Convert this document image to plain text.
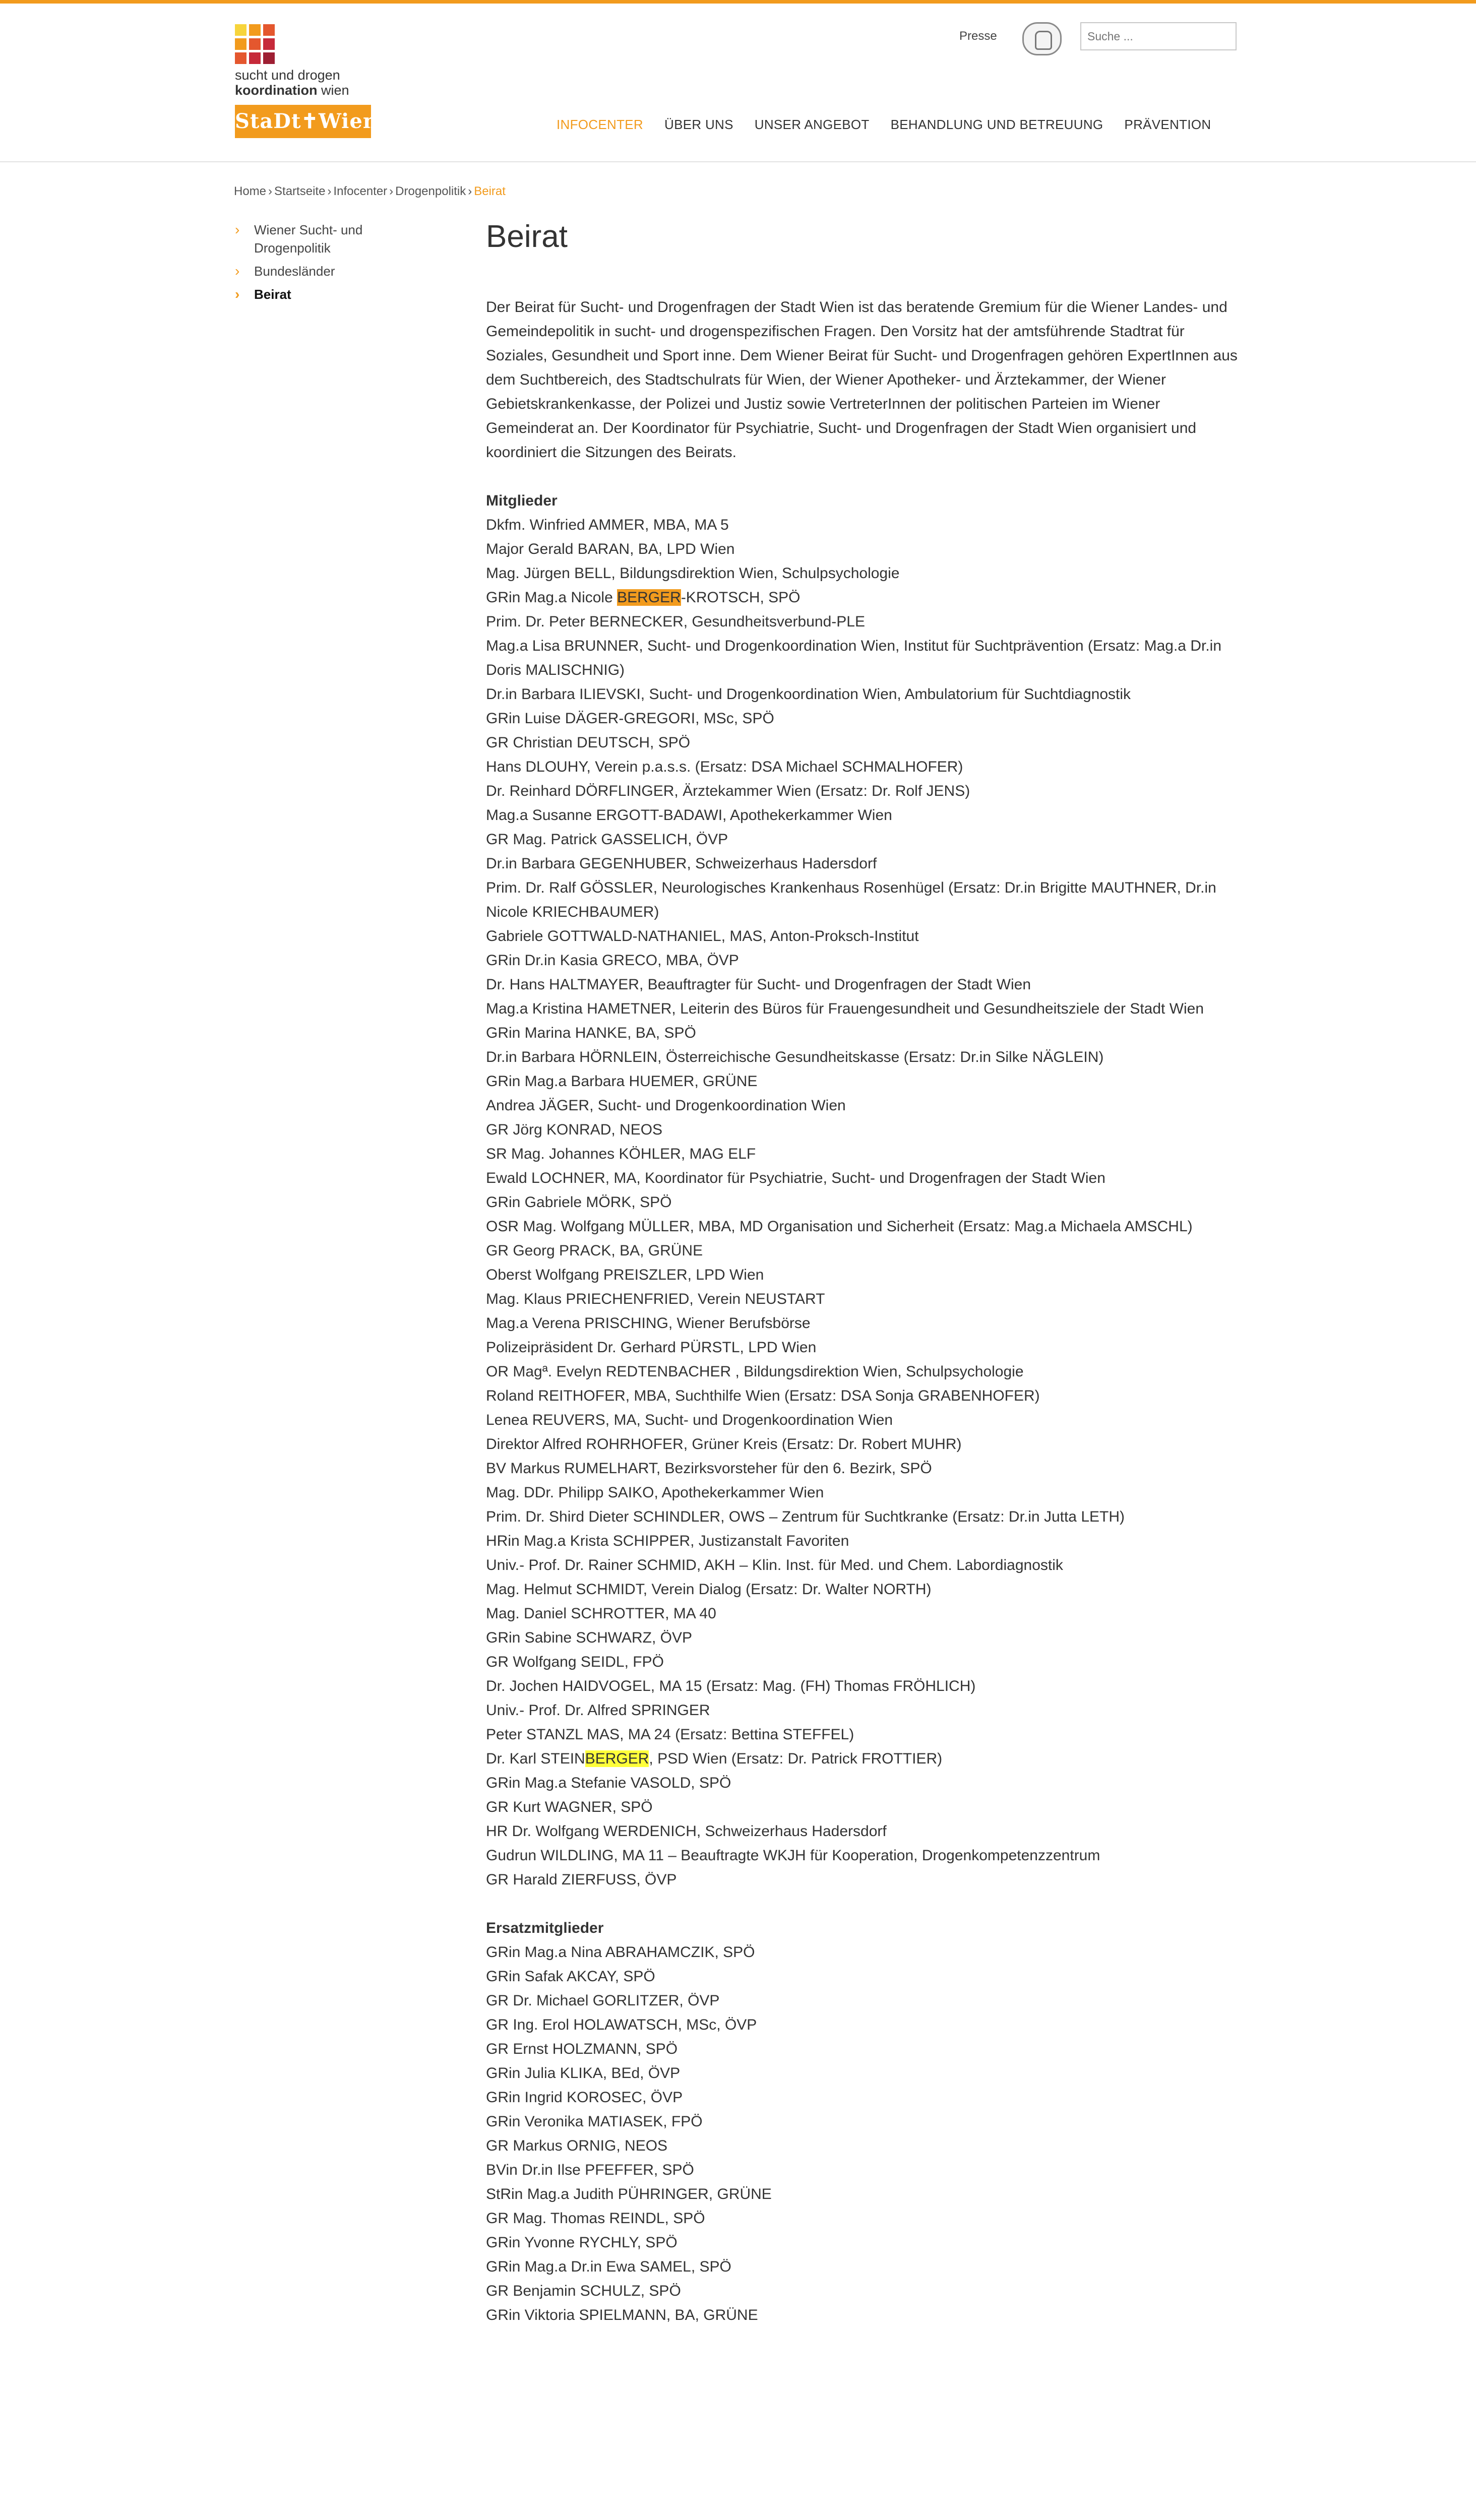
sucht und drogen
koordination wien
StaDt✝Wien
Presse
Suche ...
INFOCENTER ÜBER UNS UNSER ANGEBOT BEHANDLUNG UND BETREUUNG PRÄVENTION
Home › Startseite › Infocenter › Drogenpolitik › Beirat
› Wiener Sucht- und Drogenpolitik
› Bundesländer
› Beirat
Beirat

Der Beirat für Sucht- und Drogenfragen der Stadt Wien ist das beratende Gremium für die Wiener Landes- und Gemeindepolitik in sucht- und drogenspezifischen Fragen. Den Vorsitz hat der amtsführende Stadtrat für Soziales, Gesundheit und Sport inne. Dem Wiener Beirat für Sucht- und Drogenfragen gehören ExpertInnen aus dem Suchtbereich, des Stadtschulrats für Wien, der Wiener Apotheker- und Ärztekammer, der Wiener Gebietskrankenkasse, der Polizei und Justiz sowie VertreterInnen der politischen Parteien im Wiener Gemeinderat an. Der Koordinator für Psychiatrie, Sucht- und Drogenfragen der Stadt Wien organisiert und koordiniert die Sitzungen des Beirats.

Mitglieder
Dkfm. Winfried AMMER, MBA, MA 5
Major Gerald BARAN, BA, LPD Wien
Mag. Jürgen BELL, Bildungsdirektion Wien, Schulpsychologie
GRin Mag.a Nicole BERGER-KROTSCH, SPÖ
Prim. Dr. Peter BERNECKER, Gesundheitsverbund-PLE
Mag.a Lisa BRUNNER, Sucht- und Drogenkoordination Wien, Institut für Suchtprävention (Ersatz: Mag.a Dr.in Doris MALISCHNIG)
Dr.in Barbara ILIEVSKI, Sucht- und Drogenkoordination Wien, Ambulatorium für Suchtdiagnostik
GRin Luise DÄGER-GREGORI, MSc, SPÖ
GR Christian DEUTSCH, SPÖ
Hans DLOUHY, Verein p.a.s.s. (Ersatz: DSA Michael SCHMALHOFER)
Dr. Reinhard DÖRFLINGER, Ärztekammer Wien (Ersatz: Dr. Rolf JENS)
Mag.a Susanne ERGOTT-BADAWI, Apothekerkammer Wien
GR Mag. Patrick GASSELICH, ÖVP
Dr.in Barbara GEGENHUBER, Schweizerhaus Hadersdorf
Prim. Dr. Ralf GÖSSLER, Neurologisches Krankenhaus Rosenhügel (Ersatz: Dr.in Brigitte MAUTHNER, Dr.in Nicole KRIECHBAUMER)
Gabriele GOTTWALD-NATHANIEL, MAS, Anton-Proksch-Institut
GRin Dr.in Kasia GRECO, MBA, ÖVP
Dr. Hans HALTMAYER, Beauftragter für Sucht- und Drogenfragen der Stadt Wien
Mag.a Kristina HAMETNER, Leiterin des Büros für Frauengesundheit und Gesundheitsziele der Stadt Wien
GRin Marina HANKE, BA, SPÖ
Dr.in Barbara HÖRNLEIN, Österreichische Gesundheitskasse (Ersatz: Dr.in Silke NÄGLEIN)
GRin Mag.a Barbara HUEMER, GRÜNE
Andrea JÄGER, Sucht- und Drogenkoordination Wien
GR Jörg KONRAD, NEOS
SR Mag. Johannes KÖHLER, MAG ELF
Ewald LOCHNER, MA, Koordinator für Psychiatrie, Sucht- und Drogenfragen der Stadt Wien
GRin Gabriele MÖRK, SPÖ
OSR Mag. Wolfgang MÜLLER, MBA, MD Organisation und Sicherheit (Ersatz: Mag.a Michaela AMSCHL)
GR Georg PRACK, BA, GRÜNE
Oberst Wolfgang PREISZLER, LPD Wien
Mag. Klaus PRIECHENFRIED, Verein NEUSTART
Mag.a Verena PRISCHING, Wiener Berufsbörse
Polizeipräsident Dr. Gerhard PÜRSTL, LPD Wien
OR Magª. Evelyn REDTENBACHER , Bildungsdirektion Wien, Schulpsychologie
Roland REITHOFER, MBA, Suchthilfe Wien (Ersatz: DSA Sonja GRABENHOFER)
Lenea REUVERS, MA, Sucht- und Drogenkoordination Wien
Direktor Alfred ROHRHOFER, Grüner Kreis (Ersatz: Dr. Robert MUHR)
BV Markus RUMELHART, Bezirksvorsteher für den 6. Bezirk, SPÖ
Mag. DDr. Philipp SAIKO, Apothekerkammer Wien
Prim. Dr. Shird Dieter SCHINDLER, OWS – Zentrum für Suchtkranke (Ersatz: Dr.in Jutta LETH)
HRin Mag.a Krista SCHIPPER, Justizanstalt Favoriten
Univ.- Prof. Dr. Rainer SCHMID, AKH – Klin. Inst. für Med. und Chem. Labordiagnostik
Mag. Helmut SCHMIDT, Verein Dialog (Ersatz: Dr. Walter NORTH)
Mag. Daniel SCHROTTER, MA 40
GRin Sabine SCHWARZ, ÖVP
GR Wolfgang SEIDL, FPÖ
Dr. Jochen HAIDVOGEL, MA 15 (Ersatz: Mag. (FH) Thomas FRÖHLICH)
Univ.- Prof. Dr. Alfred SPRINGER
Peter STANZL MAS, MA 24 (Ersatz: Bettina STEFFEL)
Dr. Karl STEINBERGER, PSD Wien (Ersatz: Dr. Patrick FROTTIER)
GRin Mag.a Stefanie VASOLD, SPÖ
GR Kurt WAGNER, SPÖ
HR Dr. Wolfgang WERDENICH, Schweizerhaus Hadersdorf
Gudrun WILDLING, MA 11 – Beauftragte WKJH für Kooperation, Drogenkompetenzzentrum
GR Harald ZIERFUSS, ÖVP
Ersatzmitglieder
GRin Mag.a Nina ABRAHAMCZIK, SPÖ
GRin Safak AKCAY, SPÖ
GR Dr. Michael GORLITZER, ÖVP
GR Ing. Erol HOLAWATSCH, MSc, ÖVP
GR Ernst HOLZMANN, SPÖ
GRin Julia KLIKA, BEd, ÖVP
GRin Ingrid KOROSEC, ÖVP
GRin Veronika MATIASEK, FPÖ
GR Markus ORNIG, NEOS
BVin Dr.in Ilse PFEFFER, SPÖ
StRin Mag.a Judith PÜHRINGER, GRÜNE
GR Mag. Thomas REINDL, SPÖ
GRin Yvonne RYCHLY, SPÖ
GRin Mag.a Dr.in Ewa SAMEL, SPÖ
GR Benjamin SCHULZ, SPÖ
GRin Viktoria SPIELMANN, BA, GRÜNE
